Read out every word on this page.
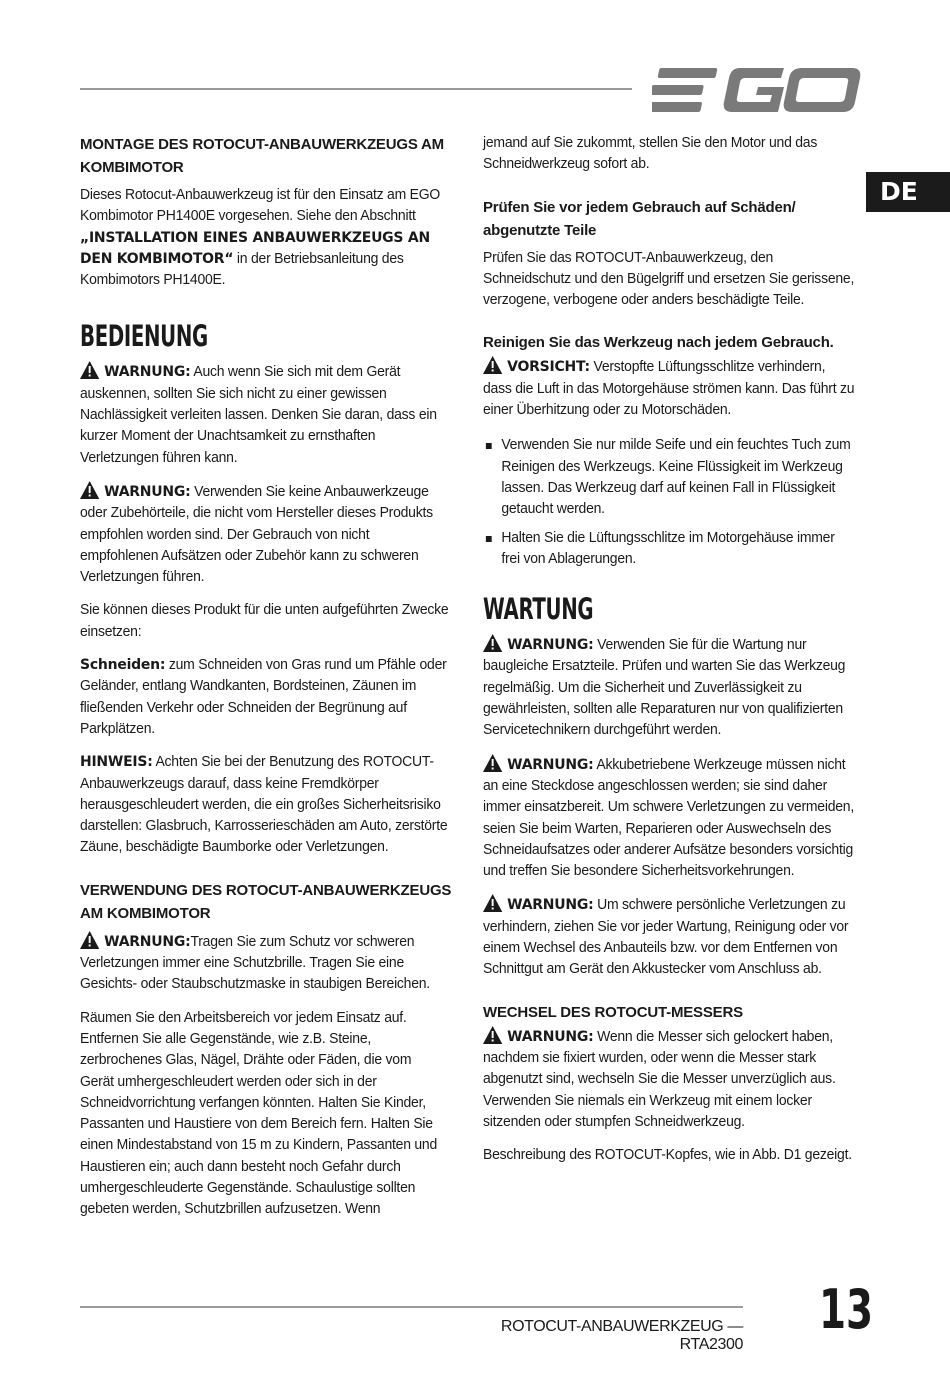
DE
MONTAGE DES ROTOCUT-ANBAUWERKZEUGS AM KOMBIMOTOR

Dieses Rotocut-Anbauwerkzeug ist für den Einsatz am EGO Kombimotor PH1400E vorgesehen. Siehe den Abschnitt „INSTALLATION EINES ANBAUWERKZEUGS AN DEN KOMBIMOTOR“ in der Betriebsanleitung des Kombimotors PH1400E.

BEDIENUNG

WARNUNG: Auch wenn Sie sich mit dem Gerät auskennen, sollten Sie sich nicht zu einer gewissen Nachlässigkeit verleiten lassen. Denken Sie daran, dass ein kurzer Moment der Unachtsamkeit zu ernsthaften Verletzungen führen kann.

WARNUNG: Verwenden Sie keine Anbauwerkzeuge oder Zubehörteile, die nicht vom Hersteller dieses Produkts empfohlen worden sind. Der Gebrauch von nicht empfohlenen Aufsätzen oder Zubehör kann zu schweren Verletzungen führen.

Sie können dieses Produkt für die unten aufgeführten Zwecke einsetzen:

Schneiden: zum Schneiden von Gras rund um Pfähle oder Geländer, entlang Wandkanten, Bordsteinen, Zäunen im fließenden Verkehr oder Schneiden der Begrünung auf Parkplätzen.

HINWEIS: Achten Sie bei der Benutzung des ROTOCUT-Anbauwerkzeugs darauf, dass keine Fremdkörper herausgeschleudert werden, die ein großes Sicherheitsrisiko darstellen: Glasbruch, Karrosserieschäden am Auto, zerstörte Zäune, beschädigte Baumborke oder Verletzungen.

VERWENDUNG DES ROTOCUT-ANBAUWERKZEUGS AM KOMBIMOTOR

WARNUNG:Tragen Sie zum Schutz vor schweren Verletzungen immer eine Schutzbrille. Tragen Sie eine Gesichts- oder Staubschutzmaske in staubigen Bereichen.

Räumen Sie den Arbeitsbereich vor jedem Einsatz auf. Entfernen Sie alle Gegenstände, wie z.B. Steine, zerbrochenes Glas, Nägel, Drähte oder Fäden, die vom Gerät umhergeschleudert werden oder sich in der Schneidvorrichtung verfangen könnten. Halten Sie Kinder, Passanten und Haustiere von dem Bereich fern. Halten Sie einen Mindestabstand von 15 m zu Kindern, Passanten und Haustieren ein; auch dann besteht noch Gefahr durch umhergeschleuderte Gegenstände. Schaulustige sollten gebeten werden, Schutzbrillen aufzusetzen. Wenn

jemand auf Sie zukommt, stellen Sie den Motor und das Schneidwerkzeug sofort ab.

Prüfen Sie vor jedem Gebrauch auf Schäden/ abgenutzte Teile

Prüfen Sie das ROTOCUT-Anbauwerkzeug, den Schneidschutz und den Bügelgriff und ersetzen Sie gerissene, verzogene, verbogene oder anders beschädigte Teile.

Reinigen Sie das Werkzeug nach jedem Gebrauch.

VORSICHT: Verstopfte Lüftungsschlitze verhindern, dass die Luft in das Motorgehäuse strömen kann. Das führt zu einer Überhitzung oder zu Motorschäden.

Verwenden Sie nur milde Seife und ein feuchtes Tuch zum Reinigen des Werkzeugs. Keine Flüssigkeit im Werkzeug lassen. Das Werkzeug darf auf keinen Fall in Flüssigkeit getaucht werden.
Halten Sie die Lüftungsschlitze im Motorgehäuse immer frei von Ablagerungen.
WARTUNG

WARNUNG: Verwenden Sie für die Wartung nur baugleiche Ersatzteile. Prüfen und warten Sie das Werkzeug regelmäßig. Um die Sicherheit und Zuverlässigkeit zu gewährleisten, sollten alle Reparaturen nur von qualifizierten Servicetechnikern durchgeführt werden.

WARNUNG: Akkubetriebene Werkzeuge müssen nicht an eine Steckdose angeschlossen werden; sie sind daher immer einsatzbereit. Um schwere Verletzungen zu vermeiden, seien Sie beim Warten, Reparieren oder Auswechseln des Schneidaufsatzes oder anderer Aufsätze besonders vorsichtig und treffen Sie besondere Sicherheitsvorkehrungen.

WARNUNG: Um schwere persönliche Verletzungen zu verhindern, ziehen Sie vor jeder Wartung, Reinigung oder vor einem Wechsel des Anbauteils bzw. vor dem Entfernen von Schnittgut am Gerät den Akkustecker vom Anschluss ab.

WECHSEL DES ROTOCUT-MESSERS

WARNUNG: Wenn die Messer sich gelockert haben, nachdem sie fixiert wurden, oder wenn die Messer stark abgenutzt sind, wechseln Sie die Messer unverzüglich aus. Verwenden Sie niemals ein Werkzeug mit einem locker sitzenden oder stumpfen Schneidwerkzeug.

Beschreibung des ROTOCUT-Kopfes, wie in Abb. D1 gezeigt.

ROTOCUT-ANBAUWERKZEUG — RTA2300
13
